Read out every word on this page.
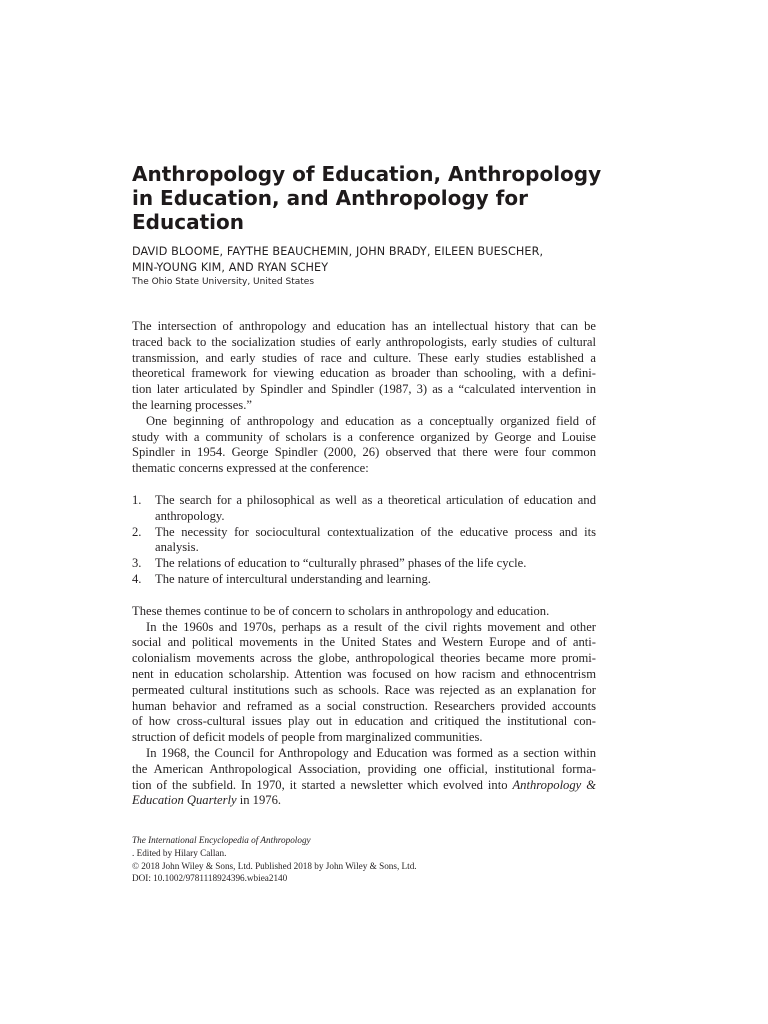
Anthropology of Education, Anthropology
in Education, and Anthropology for
Education
DAVID BLOOME, FAYTHE BEAUCHEMIN, JOHN BRADY, EILEEN BUESCHER,
MIN-YOUNG KIM, AND RYAN SCHEY
The Ohio State University, United States
The intersection of anthropology and education has an intellectual history that can be
traced back to the socialization studies of early anthropologists, early studies of cultural
transmission, and early studies of race and culture. These early studies established a
theoretical framework for viewing education as broader than schooling, with a defini-
tion later articulated by Spindler and Spindler (1987, 3) as a “calculated intervention in
the learning processes.”
One beginning of anthropology and education as a conceptually organized field of
study with a community of scholars is a conference organized by George and Louise
Spindler in 1954. George Spindler (2000, 26) observed that there were four common
thematic concerns expressed at the conference:
1.	The search for a philosophical as well as a theoretical articulation of education and
anthropology.
2.	The necessity for sociocultural contextualization of the educative process and its
analysis.
3.	The relations of education to “culturally phrased” phases of the life cycle.
4.	The nature of intercultural understanding and learning.
These themes continue to be of concern to scholars in anthropology and education.
In the 1960s and 1970s, perhaps as a result of the civil rights movement and other
social and political movements in the United States and Western Europe and of anti-
colonialism movements across the globe, anthropological theories became more promi-
nent in education scholarship. Attention was focused on how racism and ethnocentrism
permeated cultural institutions such as schools. Race was rejected as an explanation for
human behavior and reframed as a social construction. Researchers provided accounts
of how cross-cultural issues play out in education and critiqued the institutional con-
struction of deficit models of people from marginalized communities.
In 1968, the Council for Anthropology and Education was formed as a section within
the American Anthropological Association, providing one official, institutional forma-
tion of the subfield. In 1970, it started a newsletter which evolved into Anthropology &
Education Quarterly in 1976.
The International Encyclopedia of Anthropology
. Edited by Hilary Callan.
© 2018 John Wiley & Sons, Ltd. Published 2018 by John Wiley & Sons, Ltd.
DOI: 10.1002/9781118924396.wbiea2140
